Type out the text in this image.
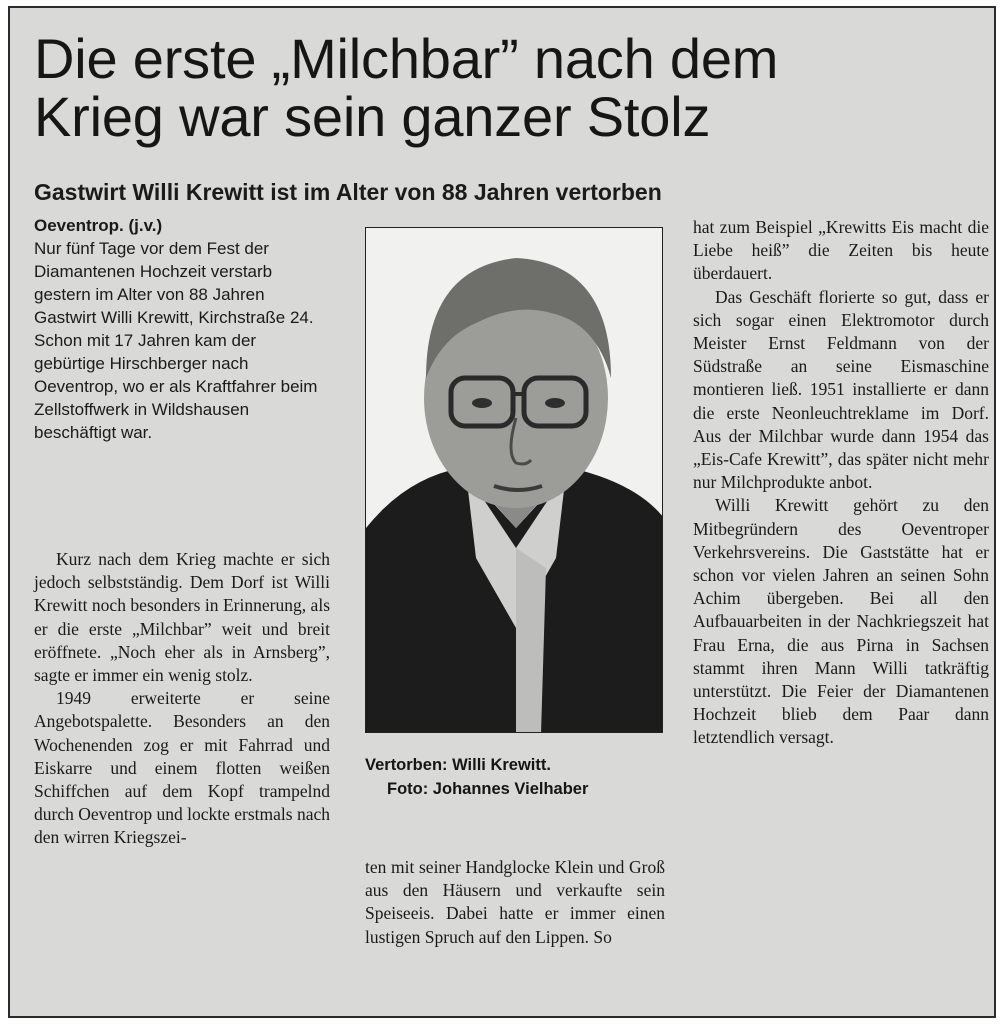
Die erste „Milchbar” nach dem
Krieg war sein ganzer Stolz
Gastwirt Willi Krewitt ist im Alter von 88 Jahren vertorben
Oeventrop. (j.v.)
Nur fünf Tage vor dem Fest der Diamantenen Hochzeit verstarb gestern im Alter von 88 Jahren Gastwirt Willi Krewitt, Kirchstraße 24. Schon mit 17 Jahren kam der gebürtige Hirschberger nach Oeventrop, wo er als Kraftfahrer beim Zellstoffwerk in Wildshausen beschäftigt war.

Kurz nach dem Krieg machte er sich jedoch selbstständig. Dem Dorf ist Willi Krewitt noch besonders in Erinnerung, als er die erste „Milchbar” weit und breit eröffnete. „Noch eher als in Arnsberg”, sagte er immer ein wenig stolz.

1949 erweiterte er seine Angebotspalette. Besonders an den Wochenenden zog er mit Fahrrad und Eiskarre und einem flotten weißen Schiffchen auf dem Kopf trampelnd durch Oeventrop und lockte erstmals nach den wirren Kriegszei-

Vertorben: Willi Krewitt.
Foto: Johannes Vielhaber

ten mit seiner Handglocke Klein und Groß aus den Häusern und verkaufte sein Speiseeis. Dabei hatte er immer einen lustigen Spruch auf den Lippen. So

hat zum Beispiel „Krewitts Eis macht die Liebe heiß” die Zeiten bis heute überdauert.

Das Geschäft florierte so gut, dass er sich sogar einen Elektromotor durch Meister Ernst Feldmann von der Südstraße an seine Eismaschine montieren ließ. 1951 installierte er dann die erste Neonleuchtreklame im Dorf. Aus der Milchbar wurde dann 1954 das „Eis-Cafe Krewitt”, das später nicht mehr nur Milchprodukte anbot.

Willi Krewitt gehört zu den Mitbegründern des Oeventroper Verkehrsvereins. Die Gaststätte hat er schon vor vielen Jahren an seinen Sohn Achim übergeben. Bei all den Aufbauarbeiten in der Nachkriegszeit hat Frau Erna, die aus Pirna in Sachsen stammt ihren Mann Willi tatkräftig unterstützt. Die Feier der Diamantenen Hochzeit blieb dem Paar dann letztendlich versagt.
